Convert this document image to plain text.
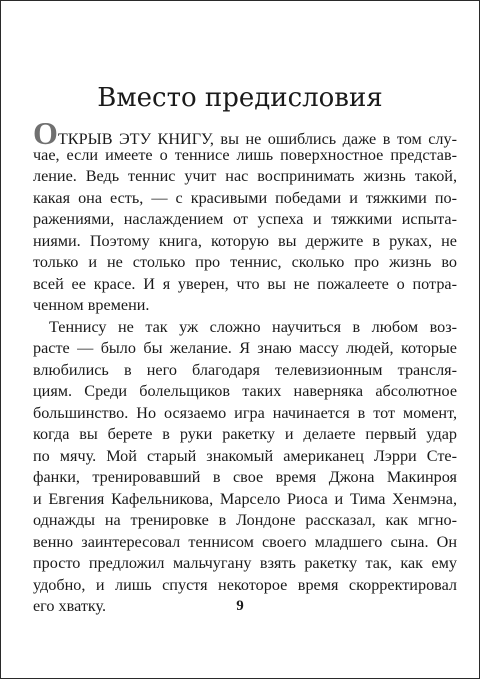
Вместо предисловия
ОТКРЫВ ЭТУ КНИГУ, вы не ошиблись даже в том слу-
чае, если имеете о теннисе лишь поверхностное представ-
ление. Ведь теннис учит нас воспринимать жизнь такой,
какая она есть, — с красивыми победами и тяжкими по-
ражениями, наслаждением от успеха и тяжкими испыта-
ниями. Поэтому книга, которую вы держите в руках, не
только и не столько про теннис, сколько про жизнь во
всей ее красе. И я уверен, что вы не пожалеете о потра-
ченном времени.
Теннису не так уж сложно научиться в любом воз-
расте — было бы желание. Я знаю массу людей, которые
влюбились в него благодаря телевизионным трансля-
циям. Среди болельщиков таких наверняка абсолютное
большинство. Но осязаемо игра начинается в тот момент,
когда вы берете в руки ракетку и делаете первый удар
по мячу. Мой старый знакомый американец Лэрри Сте-
фанки, тренировавший в свое время Джона Макинроя
и Евгения Кафельникова, Марсело Риоса и Тима Хенмэна,
однажды на тренировке в Лондоне рассказал, как мгно-
венно заинтересовал теннисом своего младшего сына. Он
просто предложил мальчугану взять ракетку так, как ему
удобно, и лишь спустя некоторое время скорректировал
его хватку.	9
